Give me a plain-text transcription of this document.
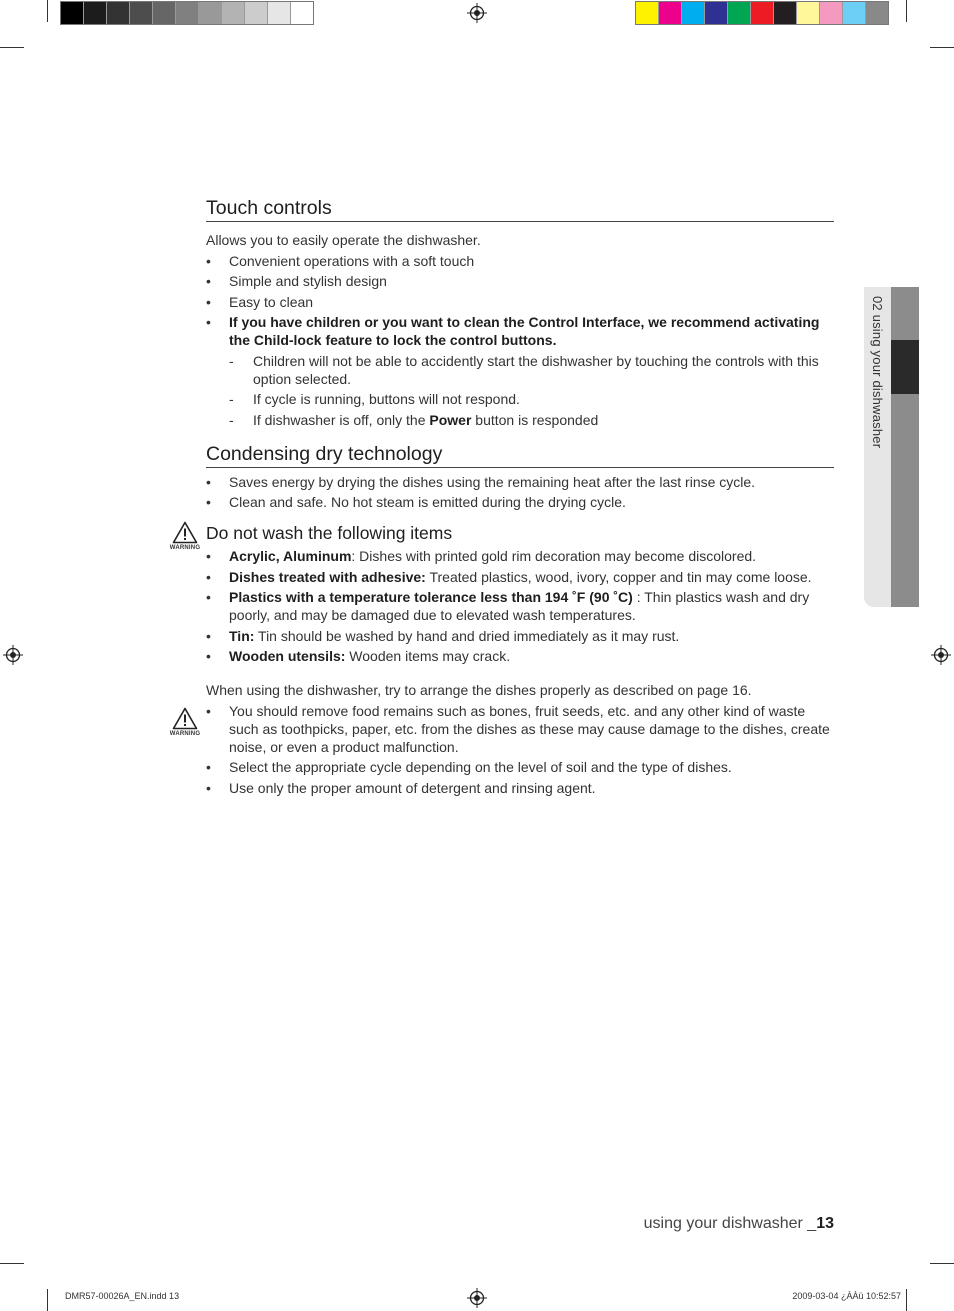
02 using your dishwasher
Touch controls
Allows you to easily operate the dishwasher.
• Convenient operations with a soft touch
• Simple and stylish design
• Easy to clean
• If you have children or you want to clean the Control Interface, we recommend activating the Child-lock feature to lock the control buttons.
- Children will not be able to accidently start the dishwasher by touching the controls with this option selected.
- If cycle is running, buttons will not respond.
- If dishwasher is off, only the Power button is responded
Condensing dry technology
• Saves energy by drying the dishes using the remaining heat after the last rinse cycle.
• Clean and safe. No hot steam is emitted during the drying cycle.
Do not wash the following items
• Acrylic, Aluminum: Dishes with printed gold rim decoration may become discolored.
• Dishes treated with adhesive: Treated plastics, wood, ivory, copper and tin may come loose.
• Plastics with a temperature tolerance less than 194 ˚F (90 ˚C) : Thin plastics wash and dry poorly, and may be damaged due to elevated wash temperatures.
• Tin: Tin should be washed by hand and dried immediately as it may rust.
• Wooden utensils: Wooden items may crack.
When using the dishwasher, try to arrange the dishes properly as described on page 16.
• You should remove food remains such as bones, fruit seeds, etc. and any other kind of waste such as toothpicks, paper, etc. from the dishes as these may cause damage to the dishes, create noise, or even a product malfunction.
• Select the appropriate cycle depending on the level of soil and the type of dishes.
• Use only the proper amount of detergent and rinsing agent.
WARNING
WARNING
using your dishwasher _13
DMR57-00026A_EN.indd 13	2009-03-04 ¿ÀÀü 10:52:57
